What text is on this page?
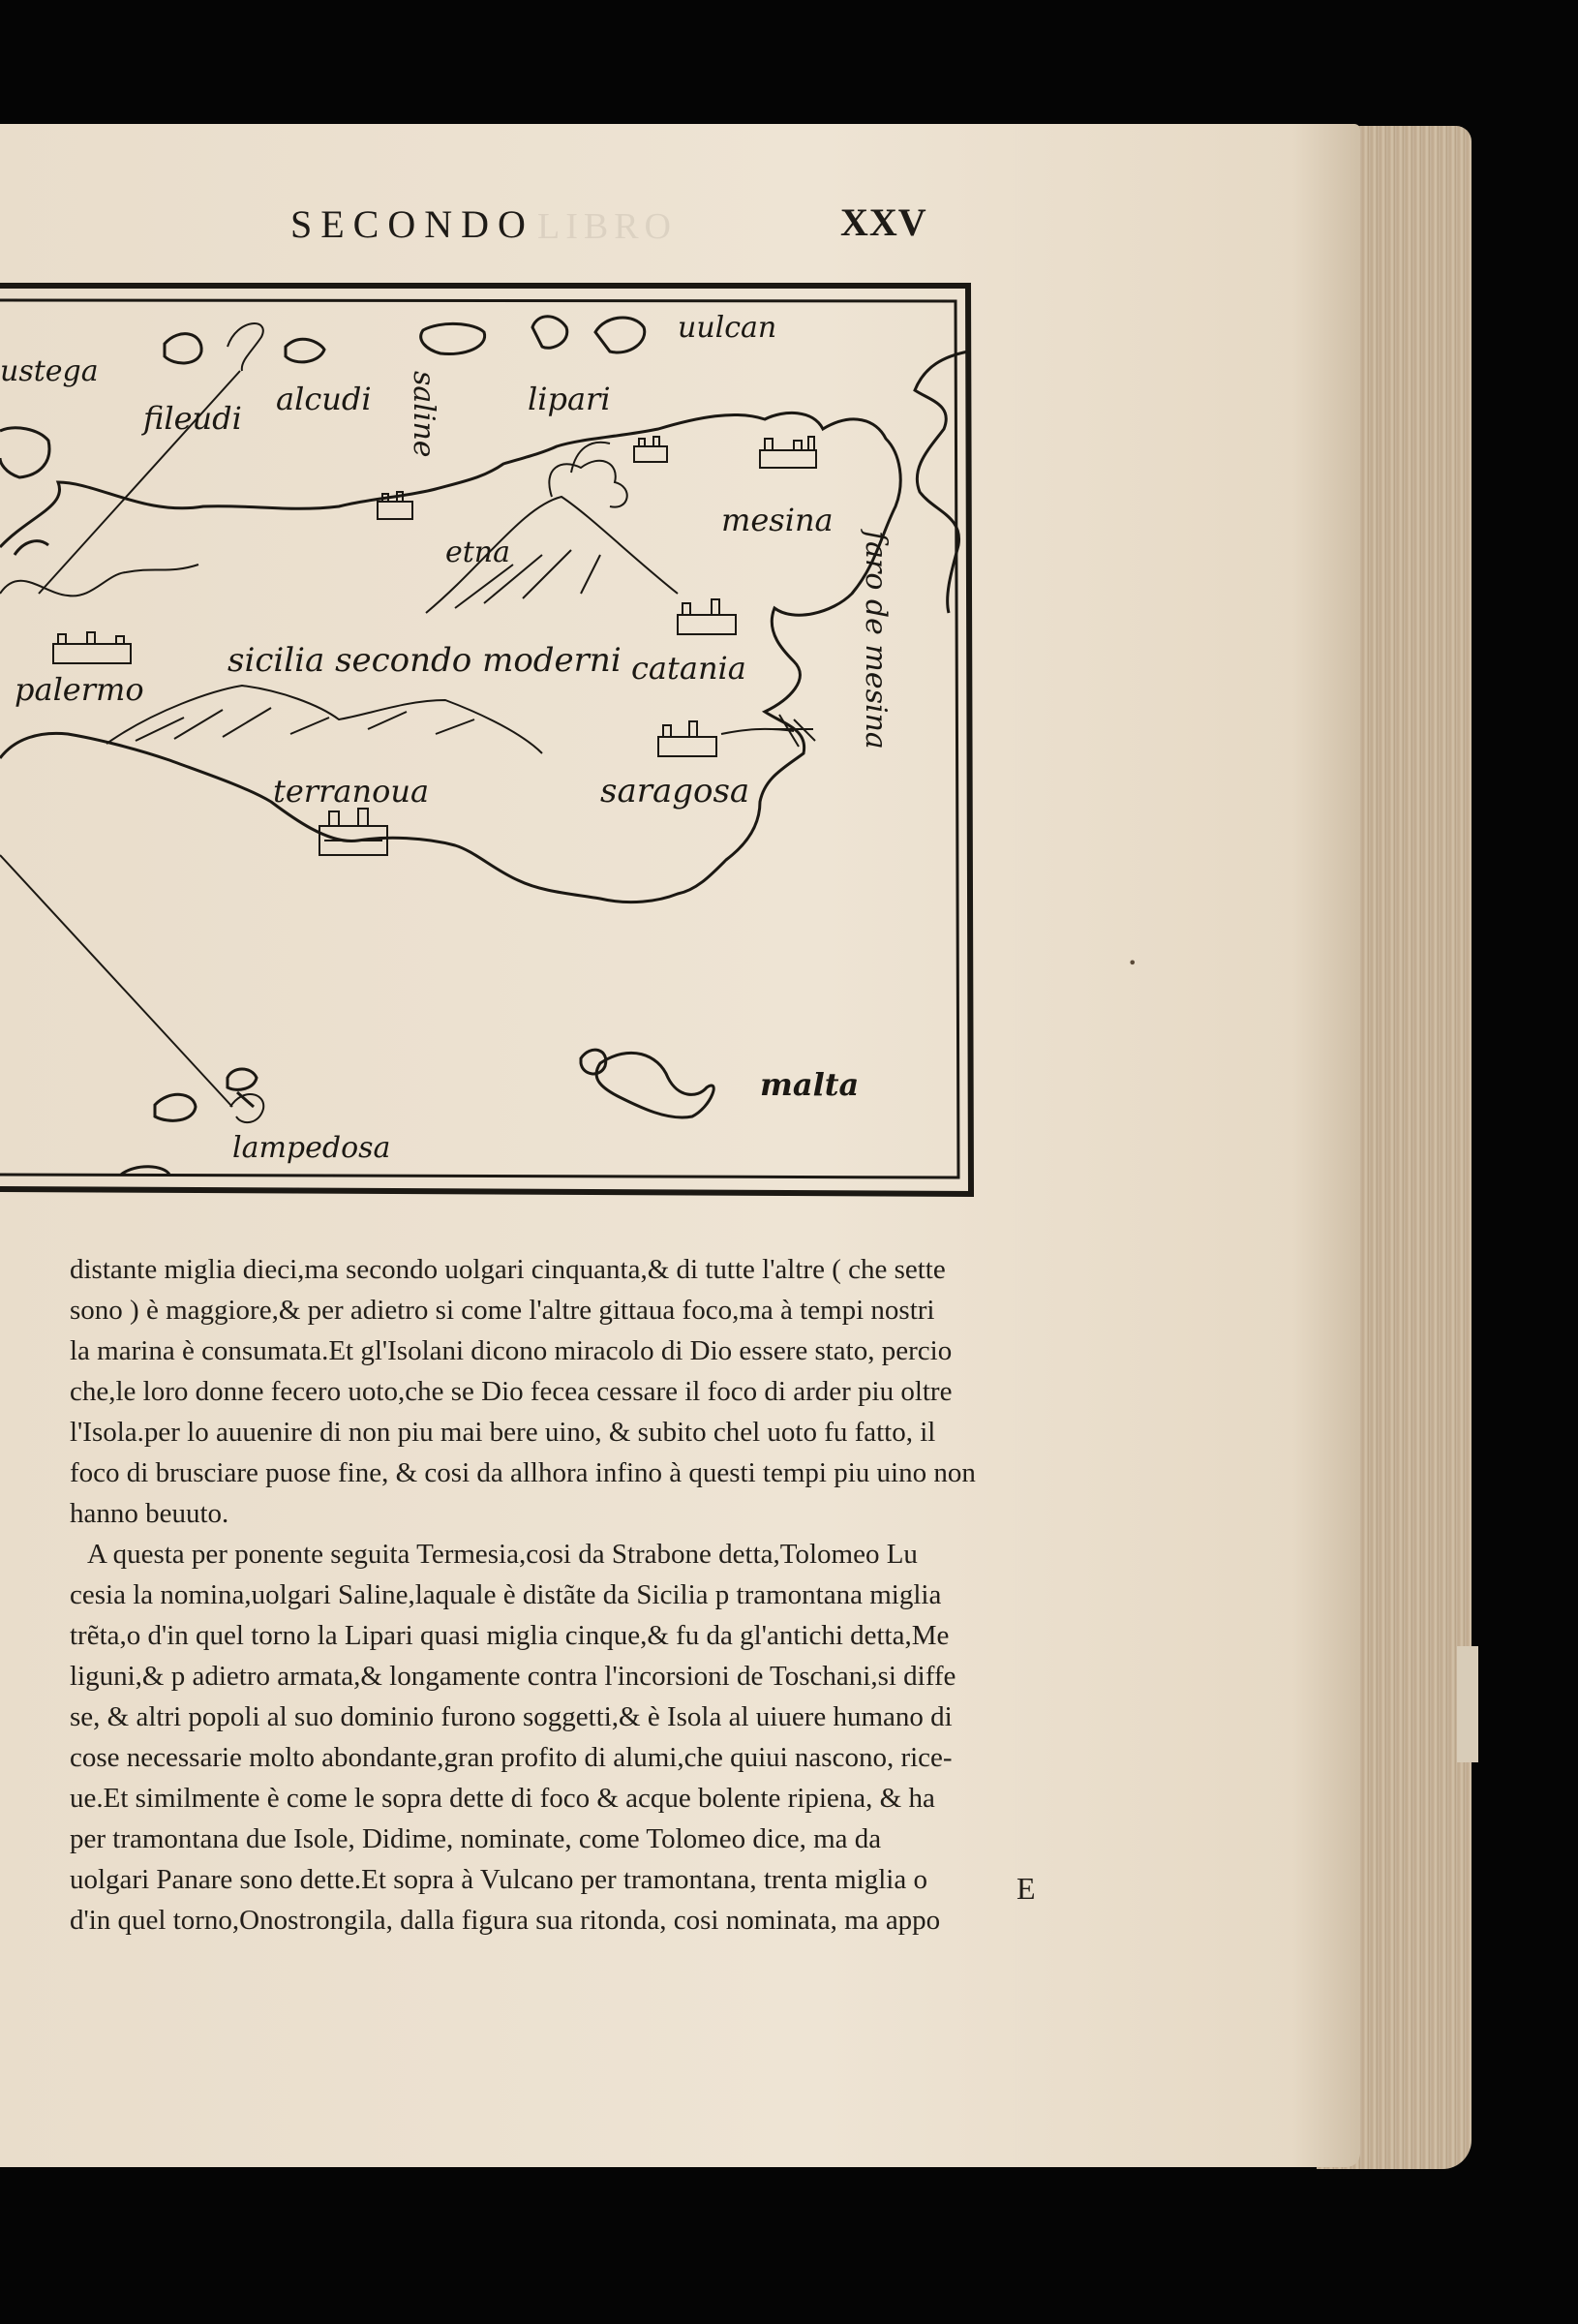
LIBRO
SECONDO	XXV
ustega
fileudi
alcudi saline	lipari
uulcan
etna
mesina
faro de mesina
palermo
sicilia secondo moderni catania
terranoua	saragosa
malta
lampedosa
distante miglia dieci,ma secondo uolgari cinquanta,& di tutte l'altre ( che sette
sono ) è maggiore,& per adietro si come l'altre gittaua foco,ma à tempi nostri
la marina è consumata.Et gl'Isolani dicono miracolo di Dio essere stato, percio
che,le loro donne fecero uoto,che se Dio fecea cessare il foco di arder piu oltre
l'Isola.per lo auuenire di non piu mai bere uino, & subito chel uoto fu fatto, il
foco di brusciare puose fine, & cosi da allhora infino à questi tempi piu uino non
hanno beuuto.
A questa per ponente seguita Termesia,cosi da Strabone detta,Tolomeo Lu
cesia la nomina,uolgari Saline,laquale è distãte da Sicilia p tramontana miglia
trẽta,o d'in quel torno la Lipari quasi miglia cinque,& fu da gl'antichi detta,Me
liguni,& p adietro armata,& longamente contra l'incorsioni de Toschani,si diffe
se, & altri popoli al suo dominio furono soggetti,& è Isola al uiuere humano di
cose necessarie molto abondante,gran profito di alumi,che quiui nascono, rice-
ue.Et similmente è come le sopra dette di foco & acque bolente ripiena, & ha
per tramontana due Isole, Didime, nominate, come Tolomeo dice, ma da
uolgari Panare sono dette.Et sopra à Vulcano per tramontana, trenta miglia o
d'in quel torno,Onostrongila, dalla figura sua ritonda, cosi nominata, ma appo
E
•
